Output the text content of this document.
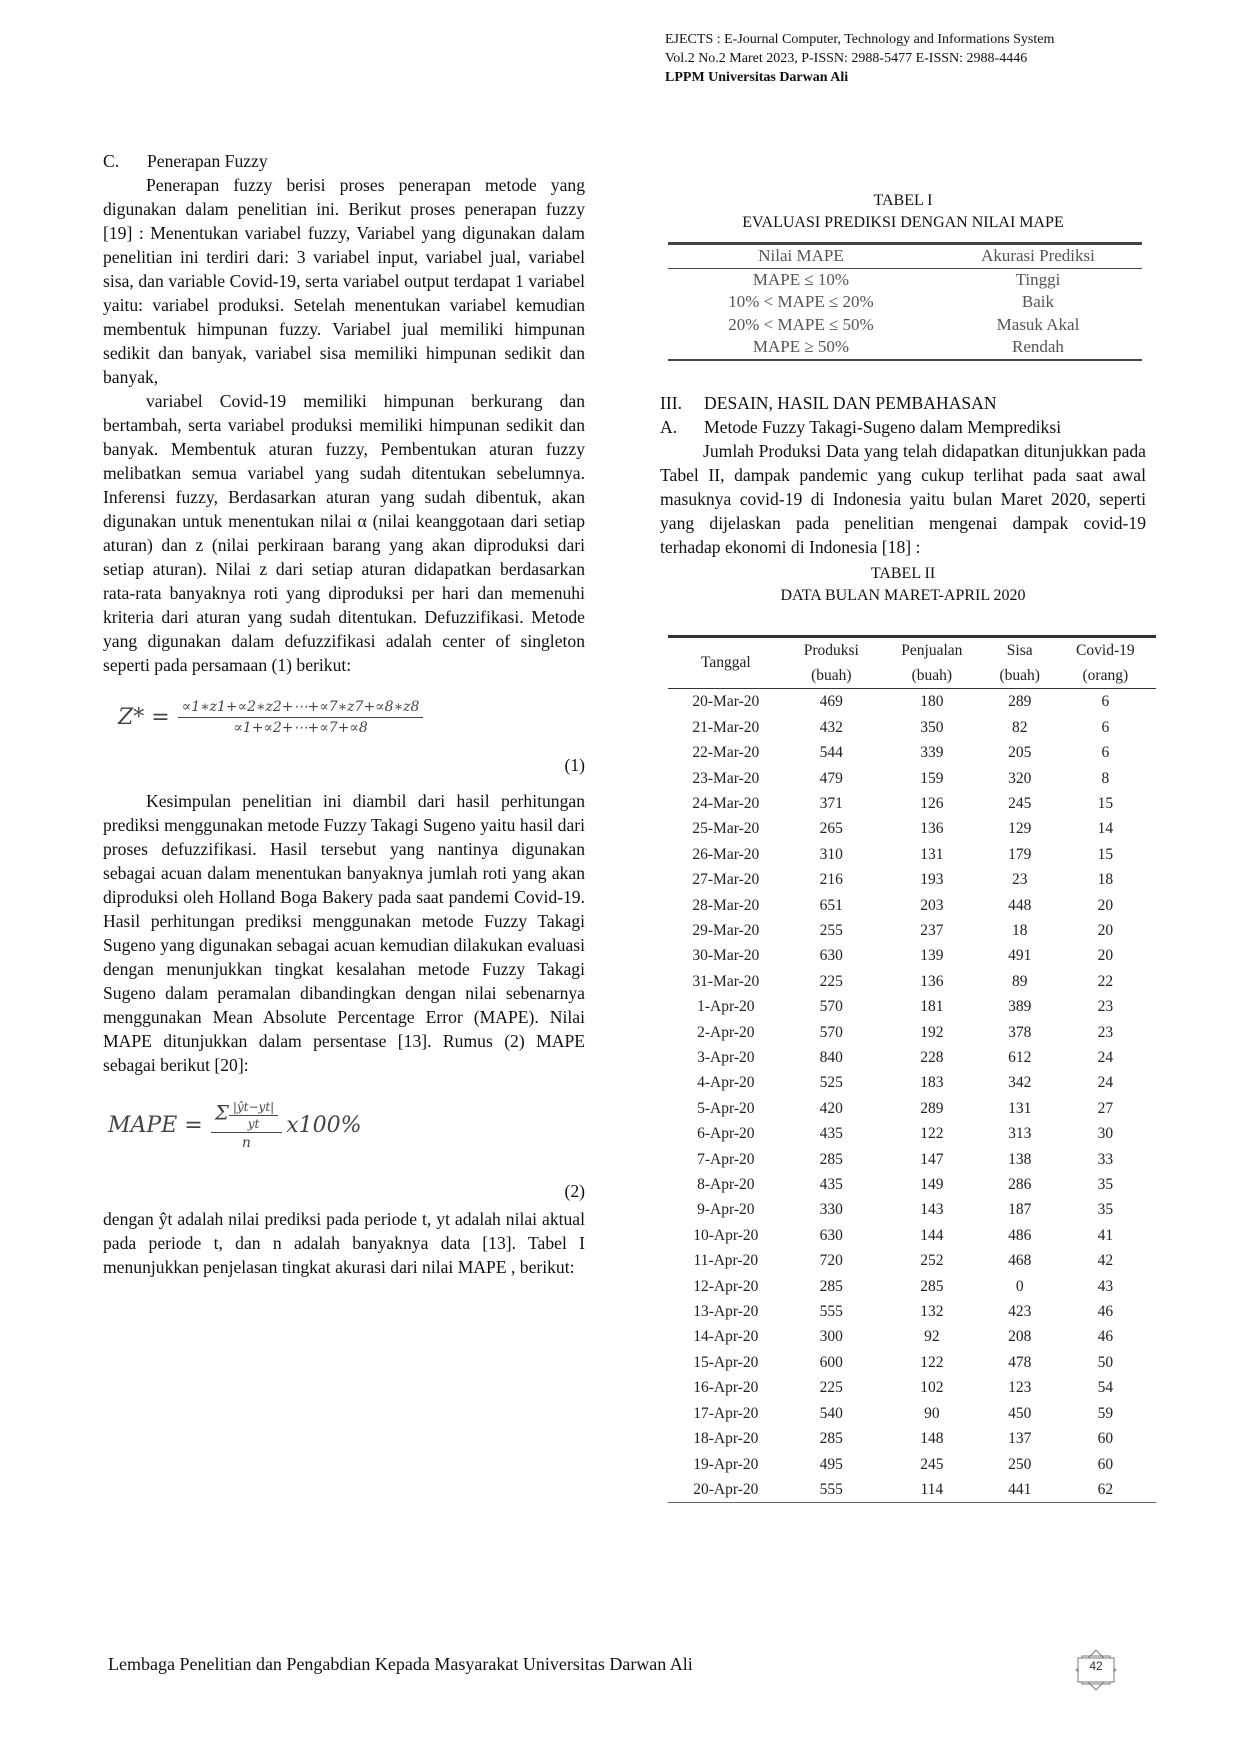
EJECTS : E-Journal Computer, Technology and Informations System
Vol.2 No.2 Maret 2023, P-ISSN: 2988-5477 E-ISSN: 2988-4446
LPPM Universitas Darwan Ali
C. Penerapan Fuzzy

Penerapan fuzzy berisi proses penerapan metode yang digunakan dalam penelitian ini. Berikut proses penerapan fuzzy [19] : Menentukan variabel fuzzy, Variabel yang digunakan dalam penelitian ini terdiri dari: 3 variabel input, variabel jual, variabel sisa, dan variable Covid-19, serta variabel output terdapat 1 variabel yaitu: variabel produksi. Setelah menentukan variabel kemudian membentuk himpunan fuzzy. Variabel jual memiliki himpunan sedikit dan banyak, variabel sisa memiliki himpunan sedikit dan banyak,

variabel Covid-19 memiliki himpunan berkurang dan bertambah, serta variabel produksi memiliki himpunan sedikit dan banyak. Membentuk aturan fuzzy, Pembentukan aturan fuzzy melibatkan semua variabel yang sudah ditentukan sebelumnya. Inferensi fuzzy, Berdasarkan aturan yang sudah dibentuk, akan digunakan untuk menentukan nilai α (nilai keanggotaan dari setiap aturan) dan z (nilai perkiraan barang yang akan diproduksi dari setiap aturan). Nilai z dari setiap aturan didapatkan berdasarkan rata-rata banyaknya roti yang diproduksi per hari dan memenuhi kriteria dari aturan yang sudah ditentukan. Defuzzifikasi. Metode yang digunakan dalam defuzzifikasi adalah center of singleton seperti pada persamaan (1) berikut:

$Z* = \frac{\propto 1∗z1+\propto 2∗z2+\cdots+\propto 7∗z7+\propto 8∗z8}{\propto 1+\propto 2+\cdots+\propto 7+\propto 8}$
(1)

Kesimpulan penelitian ini diambil dari hasil perhitungan prediksi menggunakan metode Fuzzy Takagi Sugeno yaitu hasil dari proses defuzzifikasi. Hasil tersebut yang nantinya digunakan sebagai acuan dalam menentukan banyaknya jumlah roti yang akan diproduksi oleh Holland Boga Bakery pada saat pandemi Covid-19. Hasil perhitungan prediksi menggunakan metode Fuzzy Takagi Sugeno yang digunakan sebagai acuan kemudian dilakukan evaluasi dengan menunjukkan tingkat kesalahan metode Fuzzy Takagi Sugeno dalam peramalan dibandingkan dengan nilai sebenarnya menggunakan Mean Absolute Percentage Error (MAPE). Nilai MAPE ditunjukkan dalam persentase [13]. Rumus (2) MAPE sebagai berikut [20]:

MAPE = $\frac{\Sigma \frac{|ŷt-yt|}{yt}}{n} x100\%$
(2)

dengan ŷt adalah nilai prediksi pada periode t, yt adalah nilai aktual pada periode t, dan n adalah banyaknya data [13]. Tabel I menunjukkan penjelasan tingkat akurasi dari nilai MAPE , berikut:

TABEL I
EVALUASI PREDIKSI DENGAN NILAI MAPE
Nilai MAPE	Akurasi Prediksi
MAPE ≤ 10%	Tinggi
10% < MAPE ≤ 20%	Baik
20% < MAPE ≤ 50%	Masuk Akal
MAPE ≥ 50%	Rendah
III. DESAIN, HASIL DAN PEMBAHASAN
A. Metode Fuzzy Takagi-Sugeno dalam Memprediksi

Jumlah Produksi Data yang telah didapatkan ditunjukkan pada Tabel II, dampak pandemic yang cukup terlihat pada saat awal masuknya covid-19 di Indonesia yaitu bulan Maret 2020, seperti yang dijelaskan pada penelitian mengenai dampak covid-19 terhadap ekonomi di Indonesia [18] :

TABEL II
DATA BULAN MARET-APRIL 2020
Tanggal	Produksi	Penjualan	Sisa	Covid-19
	(buah)	(buah)	(buah)	(orang)
20-Mar-20	469	180	289	6
21-Mar-20	432	350	82	6
22-Mar-20	544	339	205	6
23-Mar-20	479	159	320	8
24-Mar-20	371	126	245	15
25-Mar-20	265	136	129	14
26-Mar-20	310	131	179	15
27-Mar-20	216	193	23	18
28-Mar-20	651	203	448	20
29-Mar-20	255	237	18	20
30-Mar-20	630	139	491	20
31-Mar-20	225	136	89	22
1-Apr-20	570	181	389	23
2-Apr-20	570	192	378	23
3-Apr-20	840	228	612	24
4-Apr-20	525	183	342	24
5-Apr-20	420	289	131	27
6-Apr-20	435	122	313	30
7-Apr-20	285	147	138	33
8-Apr-20	435	149	286	35
9-Apr-20	330	143	187	35
10-Apr-20	630	144	486	41
11-Apr-20	720	252	468	42
12-Apr-20	285	285	0	43
13-Apr-20	555	132	423	46
14-Apr-20	300	92	208	46
15-Apr-20	600	122	478	50
16-Apr-20	225	102	123	54
17-Apr-20	540	90	450	59
18-Apr-20	285	148	137	60
19-Apr-20	495	245	250	60
20-Apr-20	555	114	441	62
Lembaga Penelitian dan Pengabdian Kepada Masyarakat Universitas Darwan Ali	42
